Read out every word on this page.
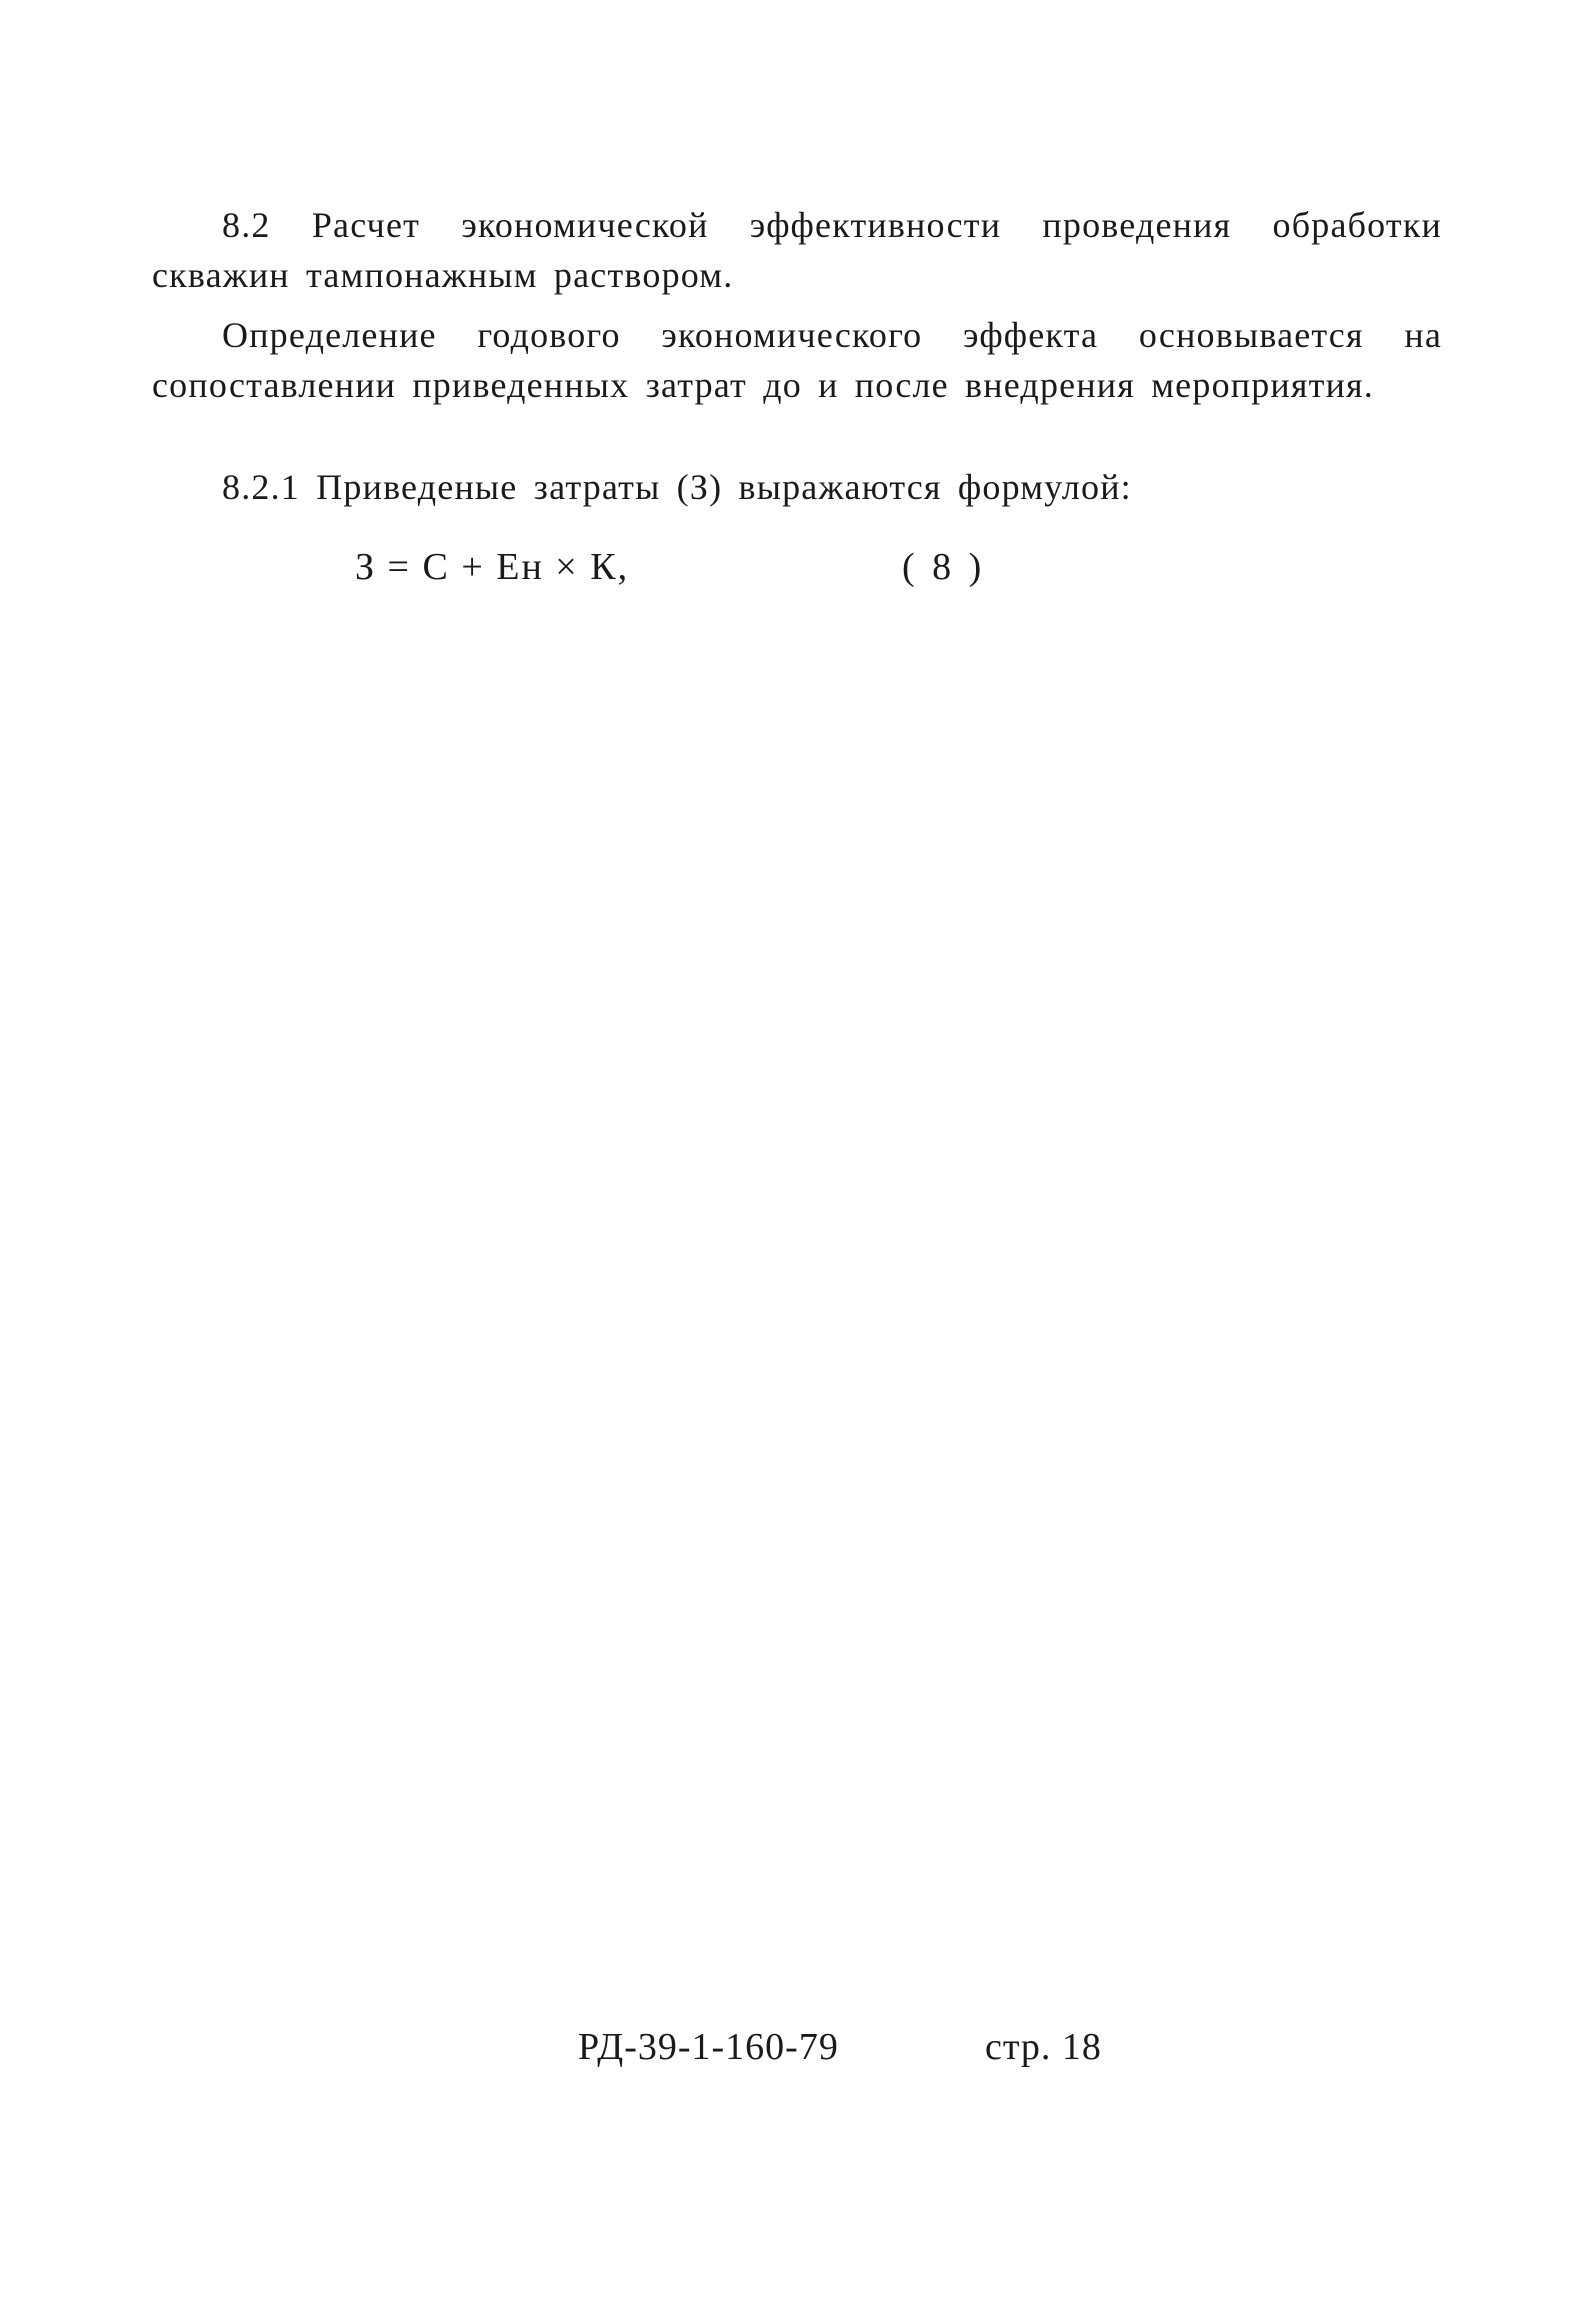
8.2 Расчет экономической эффективности проведения обработки скважин тампонажным раствором.

Определение годового экономического эффекта основывается на сопоставлении приведенных затрат до и после внедрения мероприятия.

8.2.1 Приведеные затраты (З) выражаются формулой:

З = С + Ен × К,	( 8 )
РД-39-1-160-79	стр. 18
